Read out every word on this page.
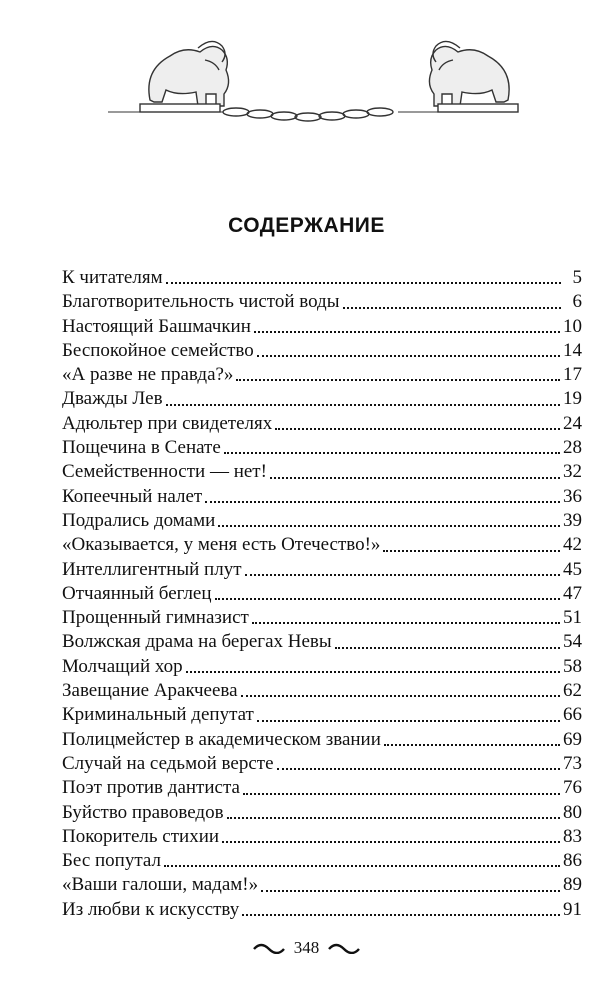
СОДЕРЖАНИЕ
К читателям	5
Благотворительность чистой воды	6
Настоящий Башмачкин	10
Беспокойное семейство	14
«А разве не правда?»	17
Дважды Лев	19
Адюльтер при свидетелях	24
Пощечина в Сенате	28
Семейственности — нет!	32
Копеечный налет	36
Подрались домами	39
«Оказывается, у меня есть Отечество!»	42
Интеллигентный плут	45
Отчаянный беглец	47
Прощенный гимназист	51
Волжская драма на берегах Невы	54
Молчащий хор	58
Завещание Аракчеева	62
Криминальный депутат	66
Полицмейстер в академическом звании	69
Случай на седьмой версте	73
Поэт против дантиста	76
Буйство правоведов	80
Покоритель стихии	83
Бес попутал	86
«Ваши галоши, мадам!»	89
Из любви к искусству	91
348
